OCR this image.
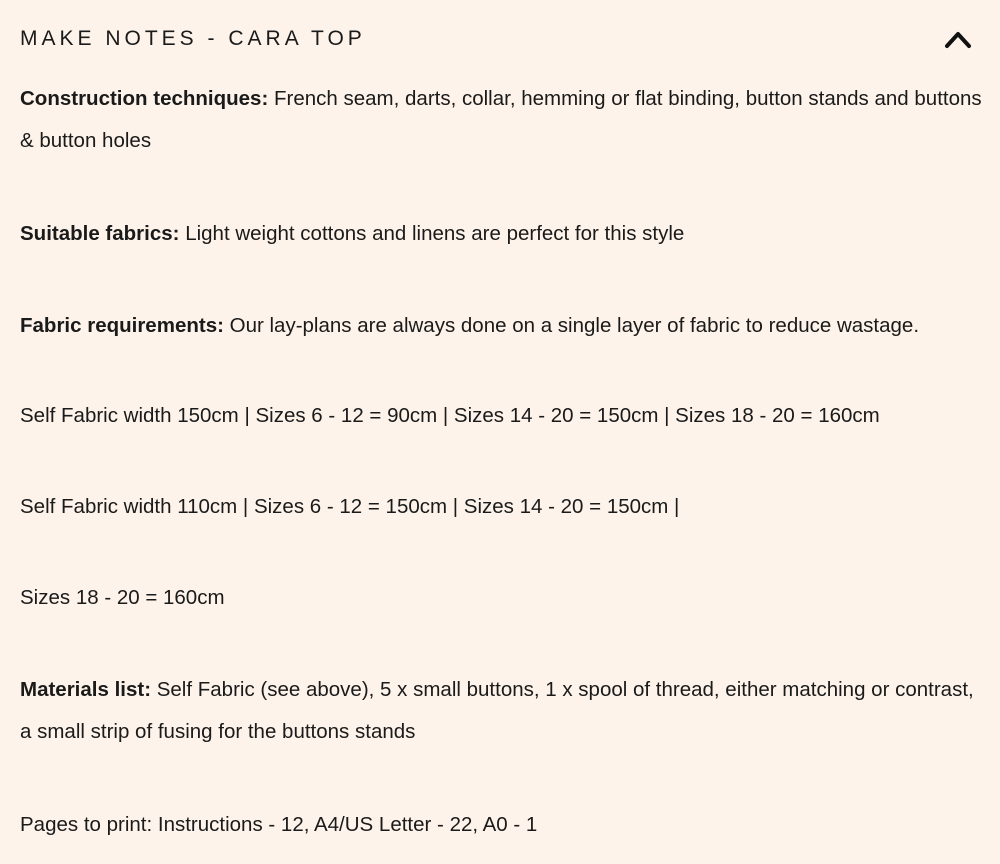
MAKE NOTES - CARA TOP

Construction techniques: French seam, darts, collar, hemming or flat binding, button stands and buttons & button holes

Suitable fabrics: Light weight cottons and linens are perfect for this style

Fabric requirements: Our lay-plans are always done on a single layer of fabric to reduce wastage.

Self Fabric width 150cm | Sizes 6 - 12 = 90cm | Sizes 14 - 20 = 150cm | Sizes 18 - 20 = 160cm

Self Fabric width 110cm | Sizes 6 - 12 = 150cm | Sizes 14 - 20 = 150cm |

Sizes 18 - 20 = 160cm

Materials list: Self Fabric (see above), 5 x small buttons, 1 x spool of thread, either matching or contrast, a small strip of fusing for the buttons stands

Pages to print: Instructions - 12, A4/US Letter - 22, A0 - 1
